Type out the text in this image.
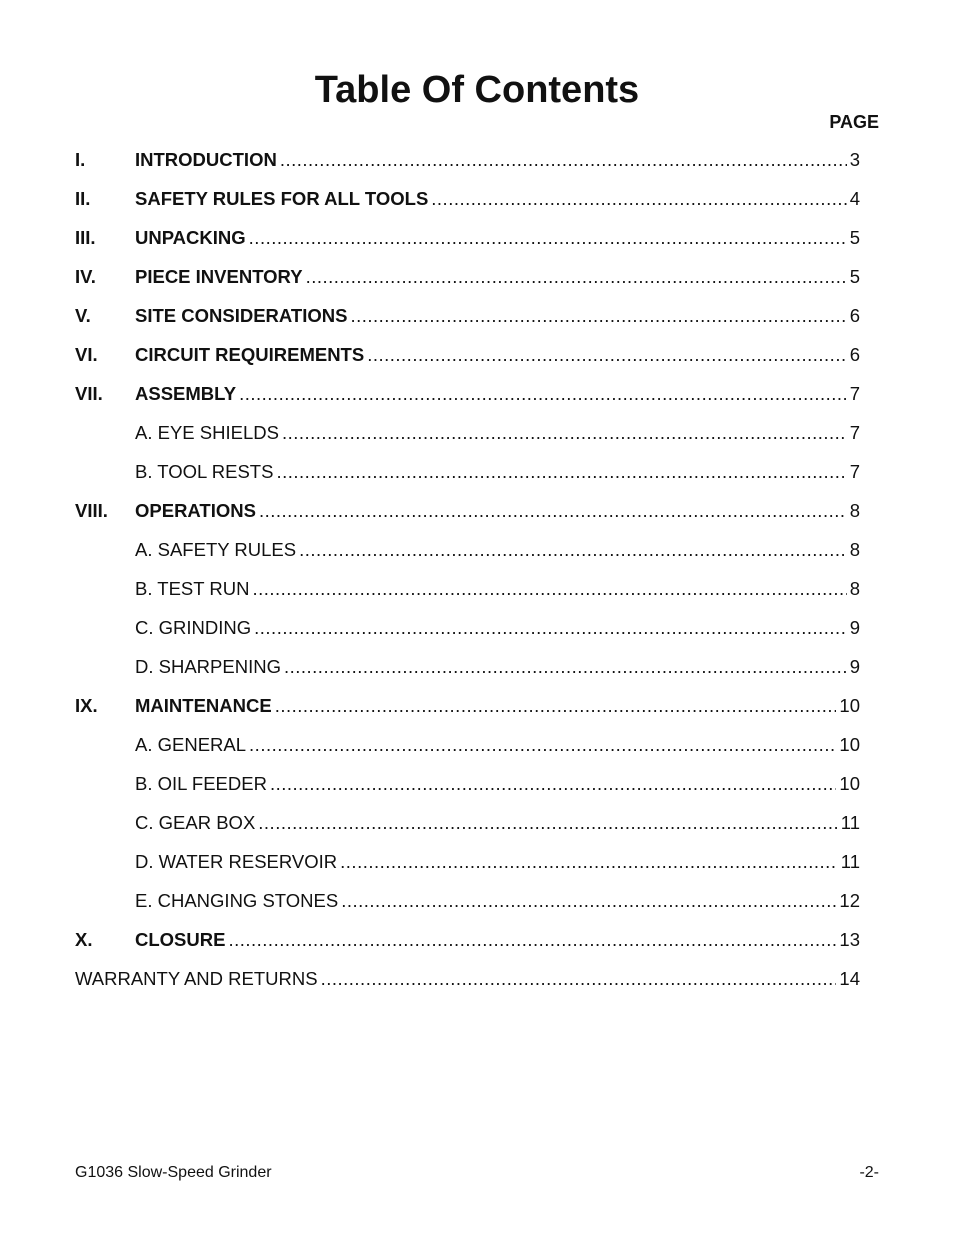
Table Of Contents
PAGE
I.	INTRODUCTION .....	3
II.	SAFETY RULES FOR ALL TOOLS .....	4
III.	UNPACKING .....	5
IV.	PIECE INVENTORY .....	5
V.	SITE CONSIDERATIONS .....	6
VI.	CIRCUIT REQUIREMENTS .....	6
VII.	ASSEMBLY .....	7
A. EYE SHIELDS .....	7
B. TOOL RESTS .....	7
VIII.	OPERATIONS .....	8
A. SAFETY RULES .....	8
B. TEST RUN .....	8
C. GRINDING .....	9
D. SHARPENING .....	9
IX.	MAINTENANCE .....	10
A. GENERAL .....	10
B. OIL FEEDER .....	10
C. GEAR BOX .....	11
D. WATER RESERVOIR .....	11
E. CHANGING STONES .....	12
X.	CLOSURE .....	13
WARRANTY AND RETURNS .....	14
G1036 Slow-Speed Grinder	-2-
